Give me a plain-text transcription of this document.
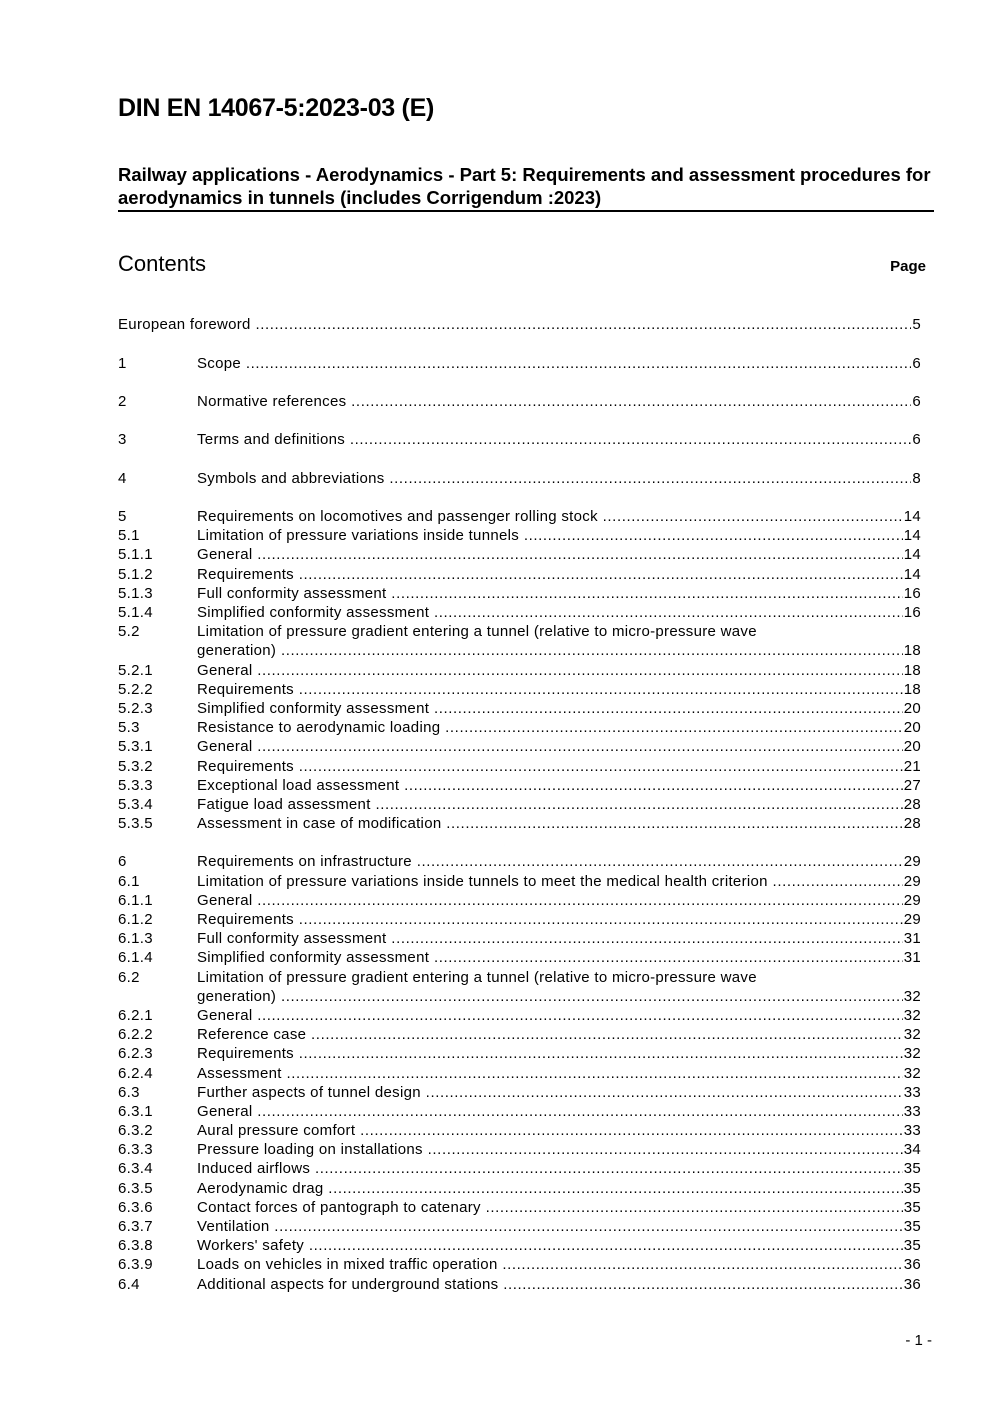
DIN EN 14067-5:2023-03 (E)
Railway applications - Aerodynamics - Part 5: Requirements and assessment procedures for aerodynamics in tunnels (includes Corrigendum :2023)
Contents	Page
European foreword .....	5
1	Scope .....	6
2	Normative references .....	6
3	Terms and definitions .....	6
4	Symbols and abbreviations .....	8
5	Requirements on locomotives and passenger rolling stock .....	14
5.1	Limitation of pressure variations inside tunnels .....	14
5.1.1	General .....	14
5.1.2	Requirements .....	14
5.1.3	Full conformity assessment .....	16
5.1.4	Simplified conformity assessment .....	16
5.2	Limitation of pressure gradient entering a tunnel (relative to micro-pressure wave
generation) .....	18
5.2.1	General .....	18
5.2.2	Requirements .....	18
5.2.3	Simplified conformity assessment .....	20
5.3	Resistance to aerodynamic loading .....	20
5.3.1	General .....	20
5.3.2	Requirements .....	21
5.3.3	Exceptional load assessment .....	27
5.3.4	Fatigue load assessment .....	28
5.3.5	Assessment in case of modification .....	28
6	Requirements on infrastructure .....	29
6.1	Limitation of pressure variations inside tunnels to meet the medical health criterion .....	29
6.1.1	General .....	29
6.1.2	Requirements .....	29
6.1.3	Full conformity assessment .....	31
6.1.4	Simplified conformity assessment .....	31
6.2	Limitation of pressure gradient entering a tunnel (relative to micro-pressure wave
generation) .....	32
6.2.1	General .....	32
6.2.2	Reference case .....	32
6.2.3	Requirements .....	32
6.2.4	Assessment .....	32
6.3	Further aspects of tunnel design .....	33
6.3.1	General .....	33
6.3.2	Aural pressure comfort .....	33
6.3.3	Pressure loading on installations .....	34
6.3.4	Induced airflows .....	35
6.3.5	Aerodynamic drag .....	35
6.3.6	Contact forces of pantograph to catenary .....	35
6.3.7	Ventilation .....	35
6.3.8	Workers' safety .....	35
6.3.9	Loads on vehicles in mixed traffic operation .....	36
6.4	Additional aspects for underground stations .....	36
- 1 -
